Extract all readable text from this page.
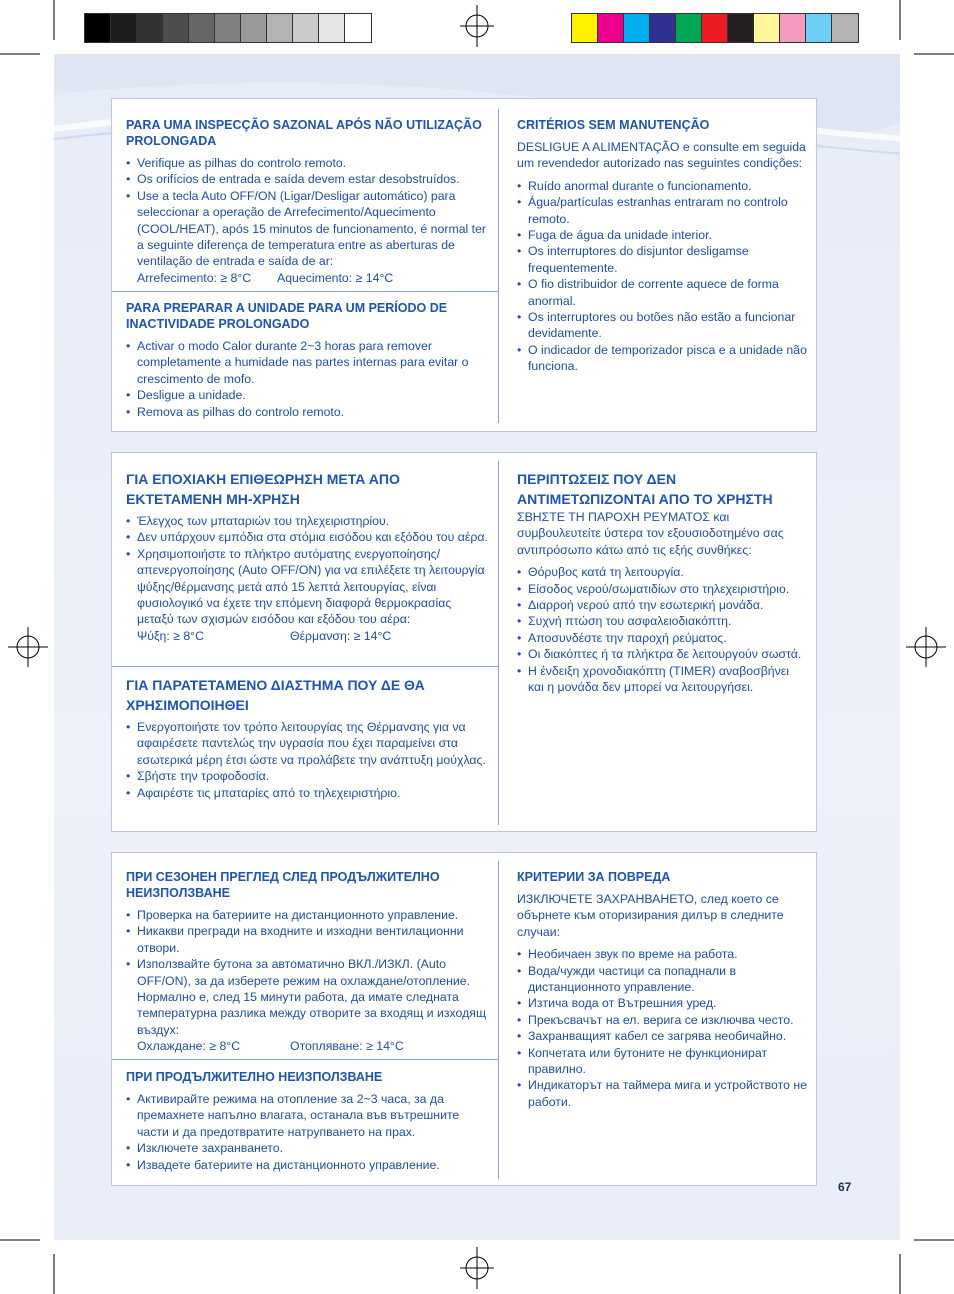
PARA UMA INSPECÇÃO SAZONAL APÓS NÃO UTILIZAÇÃO PROLONGADA
• Verifique as pilhas do controlo remoto.
• Os orifícios de entrada e saída devem estar desobstruídos.
• Use a tecla Auto OFF/ON (Ligar/Desligar automático) para seleccionar a operação de Arrefecimento/Aquecimento (COOL/HEAT), após 15 minutos de funcionamento, é normal ter a seguinte diferença de temperatura entre as aberturas de ventilação de entrada e saída de ar:
Arrefecimento: ≥ 8°C	Aquecimento: ≥ 14°C
PARA PREPARAR A UNIDADE PARA UM PERÍODO DE INACTIVIDADE PROLONGADO
• Activar o modo Calor durante 2~3 horas para remover completamente a humidade nas partes internas para evitar o crescimento de mofo.
• Desligue a unidade.
• Remova as pilhas do controlo remoto.
CRITÉRIOS SEM MANUTENÇÃO

DESLIGUE A ALIMENTAÇÃO e consulte em seguida um revendedor autorizado nas seguintes condições:

• Ruído anormal durante o funcionamento.
• Água/partículas estranhas entraram no controlo remoto.
• Fuga de água da unidade interior.
• Os interruptores do disjuntor desligamse frequentemente.
• O fio distribuidor de corrente aquece de forma anormal.
• Os interruptores ou botões não estão a funcionar devidamente.
• O indicador de temporizador pisca e a unidade não funciona.
ΓΙΑ ΕΠΟΧΙΑΚΗ ΕΠΙΘΕΩΡΗΣΗ ΜΕΤΑ ΑΠΟ ΕΚΤΕΤΑΜΕΝΗ ΜΗ-ΧΡΗΣΗ
• Έλεγχος των μπαταριών του τηλεχειριστηρίου.
• Δεν υπάρχουν εμπόδια στα στόμια εισόδου και εξόδου του αέρα.
• Χρησιμοποιήστε το πλήκτρο αυτόματης ενεργοποίησης/ απενεργοποίησης (Auto OFF/ON) για να επιλέξετε τη λειτουργία ψύξης/θέρμανσης μετά από 15 λεπτά λειτουργίας, είναι φυσιολογικό να έχετε την επόμενη διαφορά θερμοκρασίας μεταξύ των σχισμών εισόδου και εξόδου του αέρα:
Ψύξη: ≥ 8°C	Θέρμανση: ≥ 14°C
ΓΙΑ ΠΑΡΑΤΕΤΑΜΕΝΟ ΔΙΑΣΤΗΜΑ ΠΟΥ ΔΕ ΘΑ ΧΡΗΣΙΜΟΠΟΙΗΘΕΙ
• Ενεργοποιήστε τον τρόπο λειτουργίας της Θέρμανσης για να αφαιρέσετε παντελώς την υγρασία που έχει παραμείνει στα εσωτερικά μέρη έτσι ώστε να προλάβετε την ανάπτυξη μούχλας.
• Σβήστε την τροφοδοσία.
• Αφαιρέστε τις μπαταρίες από το τηλεχειριστήριο.
ΠΕΡΙΠΤΩΣΕΙΣ ΠΟΥ ΔΕΝ ΑΝΤΙΜΕΤΩΠΙΖΟΝΤΑΙ ΑΠΟ ΤΟ ΧΡΗΣΤΗ

ΣΒΗΣΤΕ ΤΗ ΠΑΡΟΧΗ ΡΕΥΜΑΤΟΣ και συμβουλευτείτε ύστερα τον εξουσιοδοτημένο σας αντιπρόσωπο κάτω από τις εξής συνθήκες:

• Θόρυβος κατά τη λειτουργία.
• Είσοδος νερού/σωματιδίων στο τηλεχειριστήριο.
• Διαρροή νερού από την εσωτερική μονάδα.
• Συχνή πτώση του ασφαλειοδιακόπτη.
• Αποσυνδέστε την παροχή ρεύματος.
• Οι διακόπτες ή τα πλήκτρα δε λειτουργούν σωστά.
• Η ένδειξη χρονοδιακόπτη (TIMER) αναβοσβήνει και η μονάδα δεν μπορεί να λειτουργήσει.
ПРИ СЕЗОНЕН ПРЕГЛЕД СЛЕД ПРОДЪЛЖИТЕЛНО НЕИЗПОЛЗВАНЕ
• Проверка на батериите на дистанционното управление.
• Никакви прегради на входните и изходни вентилационни отвори.
• Използвайте бутона за автоматично ВКЛ./ИЗКЛ. (Auto OFF/ON), за да изберете режим на охлаждане/отопление. Нормално е, след 15 минути работа, да имате следната температурна разлика между отворите за входящ и изходящ въздух:
Охлаждане: ≥ 8°C	Отопляване: ≥ 14°C
ПРИ ПРОДЪЛЖИТЕЛНО НЕИЗПОЛЗВАНЕ
• Активирайте режима на отопление за 2~3 часа, за да премахнете напълно влагата, останала във вътрешните части и да предотвратите натрупването на прах.
• Изключете захранването.
• Извадете батериите на дистанционното управление.
КРИТЕРИИ ЗА ПОВРЕДА

ИЗКЛЮЧЕТЕ ЗАХРАНВАНЕТО, след което се обърнете към оторизирания дилър в следните случаи:

• Необичаен звук по време на работа.
• Вода/чужди частици са попаднали в дистанционното управление.
• Изтича вода от Вътрешния уред.
• Прекъсвачът на ел. верига се изключва често.
• Захранващият кабел се загрява необичайно.
• Копчетата или бутоните не функционират правилно.
• Индикаторът на таймера мига и устройството не работи.
67
